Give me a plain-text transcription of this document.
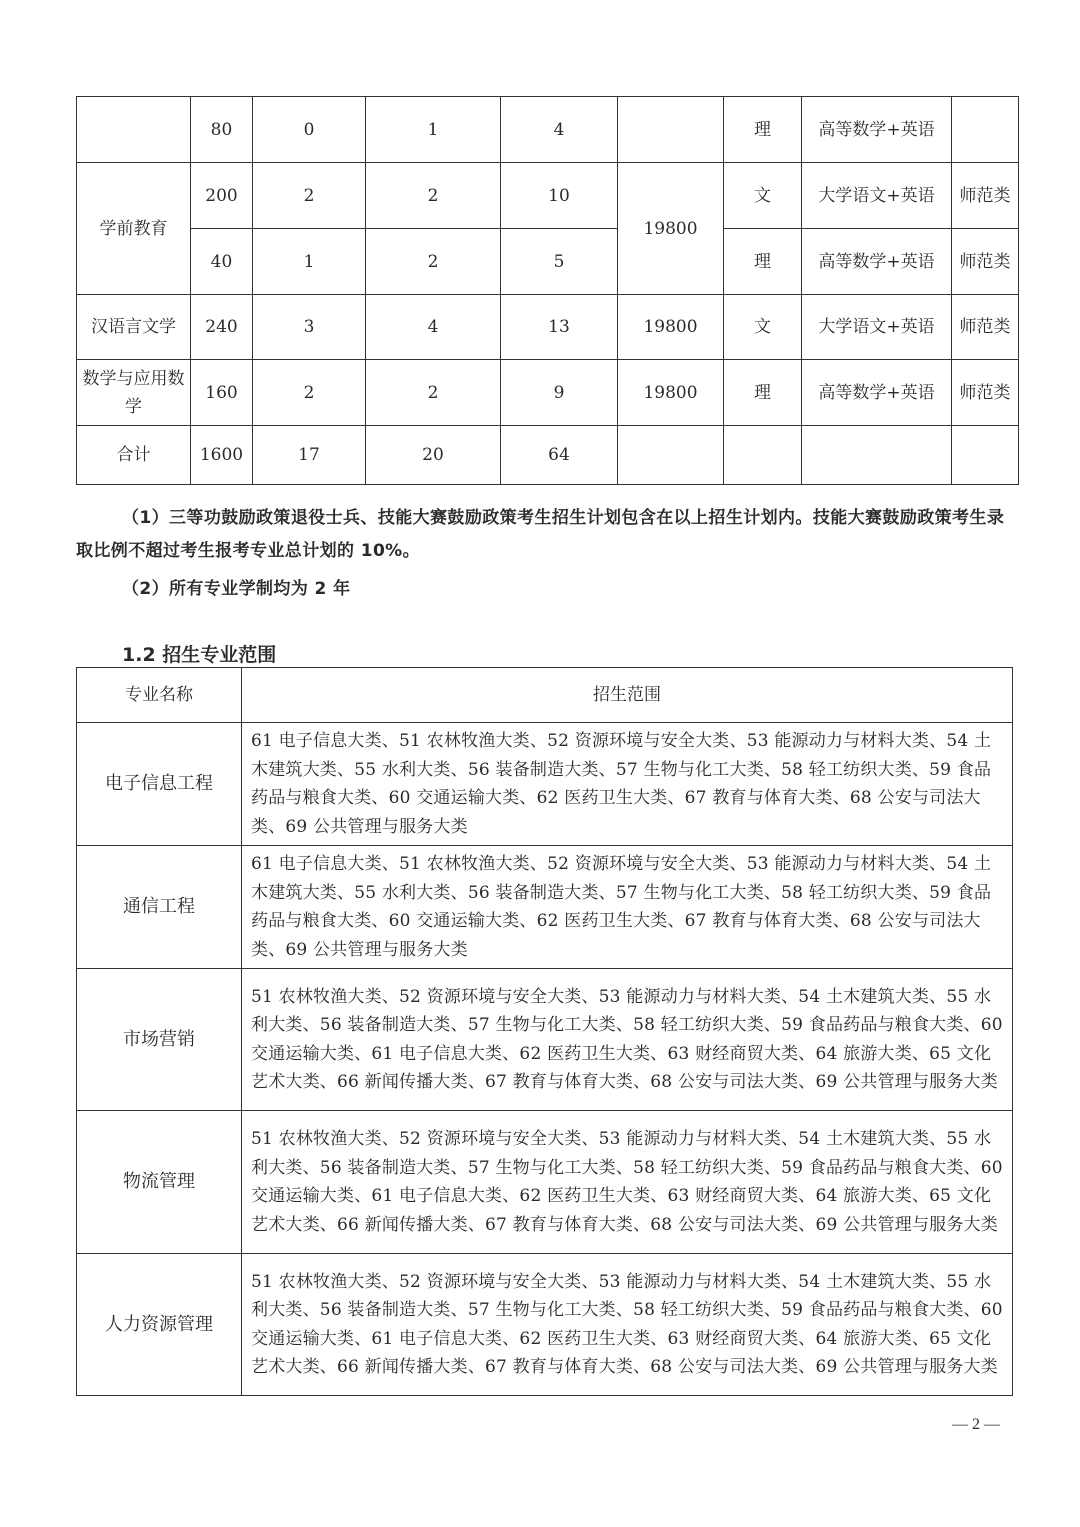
	80	0	1	4		理	高等数学+英语	
学前教育	200	2	2	10	19800	文	大学语文+英语	师范类
	40	1	2	5		理	高等数学+英语	师范类
汉语言文学	240	3	4	13	19800	文	大学语文+英语	师范类
数学与应用数学	160	2	2	9	19800	理	高等数学+英语	师范类
合计	1600	17	20	64				
（1）三等功鼓励政策退役士兵、技能大赛鼓励政策考生招生计划包含在以上招生计划内。技能大赛鼓励政策考生录取比例不超过考生报考专业总计划的 10%。
（2）所有专业学制均为 2 年
1.2 招生专业范围
专业名称	招生范围
电子信息工程	61 电子信息大类、51 农林牧渔大类、52 资源环境与安全大类、53 能源动力与材料大类、54 土木建筑大类、55 水利大类、56 装备制造大类、57 生物与化工大类、58 轻工纺织大类、59 食品药品与粮食大类、60 交通运输大类、62 医药卫生大类、67 教育与体育大类、68 公安与司法大类、69 公共管理与服务大类
通信工程	61 电子信息大类、51 农林牧渔大类、52 资源环境与安全大类、53 能源动力与材料大类、54 土木建筑大类、55 水利大类、56 装备制造大类、57 生物与化工大类、58 轻工纺织大类、59 食品药品与粮食大类、60 交通运输大类、62 医药卫生大类、67 教育与体育大类、68 公安与司法大类、69 公共管理与服务大类
市场营销	51 农林牧渔大类、52 资源环境与安全大类、53 能源动力与材料大类、54 土木建筑大类、55 水利大类、56 装备制造大类、57 生物与化工大类、58 轻工纺织大类、59 食品药品与粮食大类、60 交通运输大类、61 电子信息大类、62 医药卫生大类、63 财经商贸大类、64 旅游大类、65 文化艺术大类、66 新闻传播大类、67 教育与体育大类、68 公安与司法大类、69 公共管理与服务大类
物流管理	51 农林牧渔大类、52 资源环境与安全大类、53 能源动力与材料大类、54 土木建筑大类、55 水利大类、56 装备制造大类、57 生物与化工大类、58 轻工纺织大类、59 食品药品与粮食大类、60 交通运输大类、61 电子信息大类、62 医药卫生大类、63 财经商贸大类、64 旅游大类、65 文化艺术大类、66 新闻传播大类、67 教育与体育大类、68 公安与司法大类、69 公共管理与服务大类
人力资源管理	51 农林牧渔大类、52 资源环境与安全大类、53 能源动力与材料大类、54 土木建筑大类、55 水利大类、56 装备制造大类、57 生物与化工大类、58 轻工纺织大类、59 食品药品与粮食大类、60 交通运输大类、61 电子信息大类、62 医药卫生大类、63 财经商贸大类、64 旅游大类、65 文化艺术大类、66 新闻传播大类、67 教育与体育大类、68 公安与司法大类、69 公共管理与服务大类
— 2 —
